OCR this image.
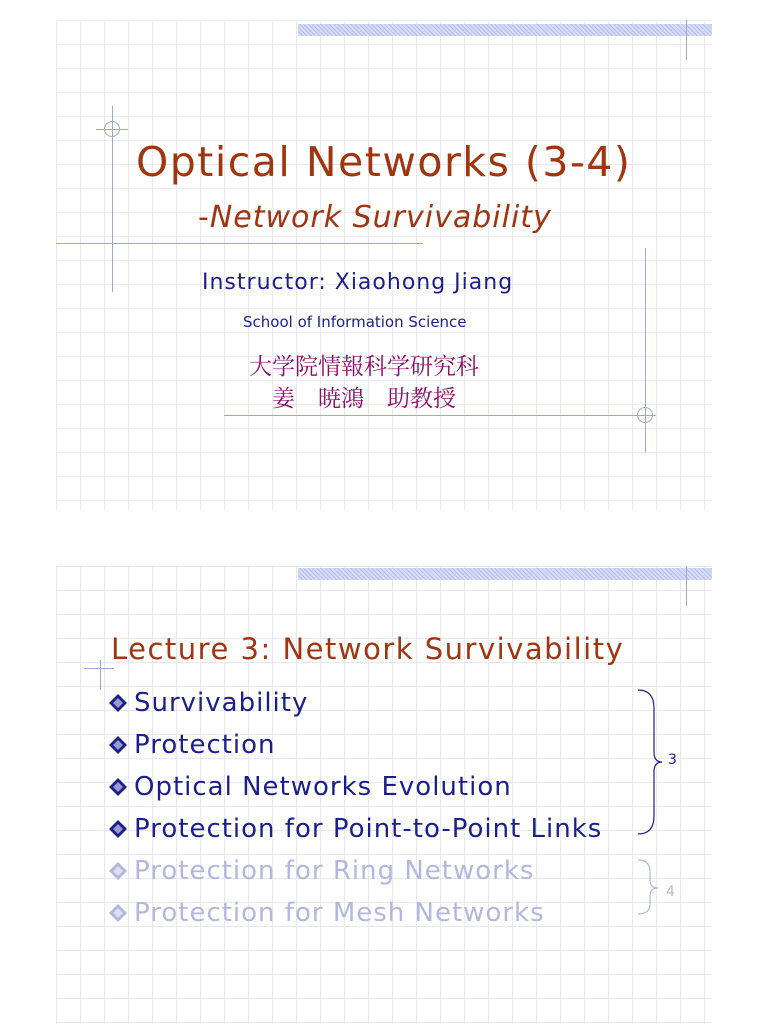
Optical Networks (3-4)
-Network Survivability
Instructor: Xiaohong Jiang
School of Information Science
大学院情報科学研究科
姜　暁鴻　助教授
Lecture 3: Network Survivability
Survivability
Protection
Optical Networks Evolution
Protection for Point-to-Point Links
Protection for Ring Networks
Protection for Mesh Networks
3
4
